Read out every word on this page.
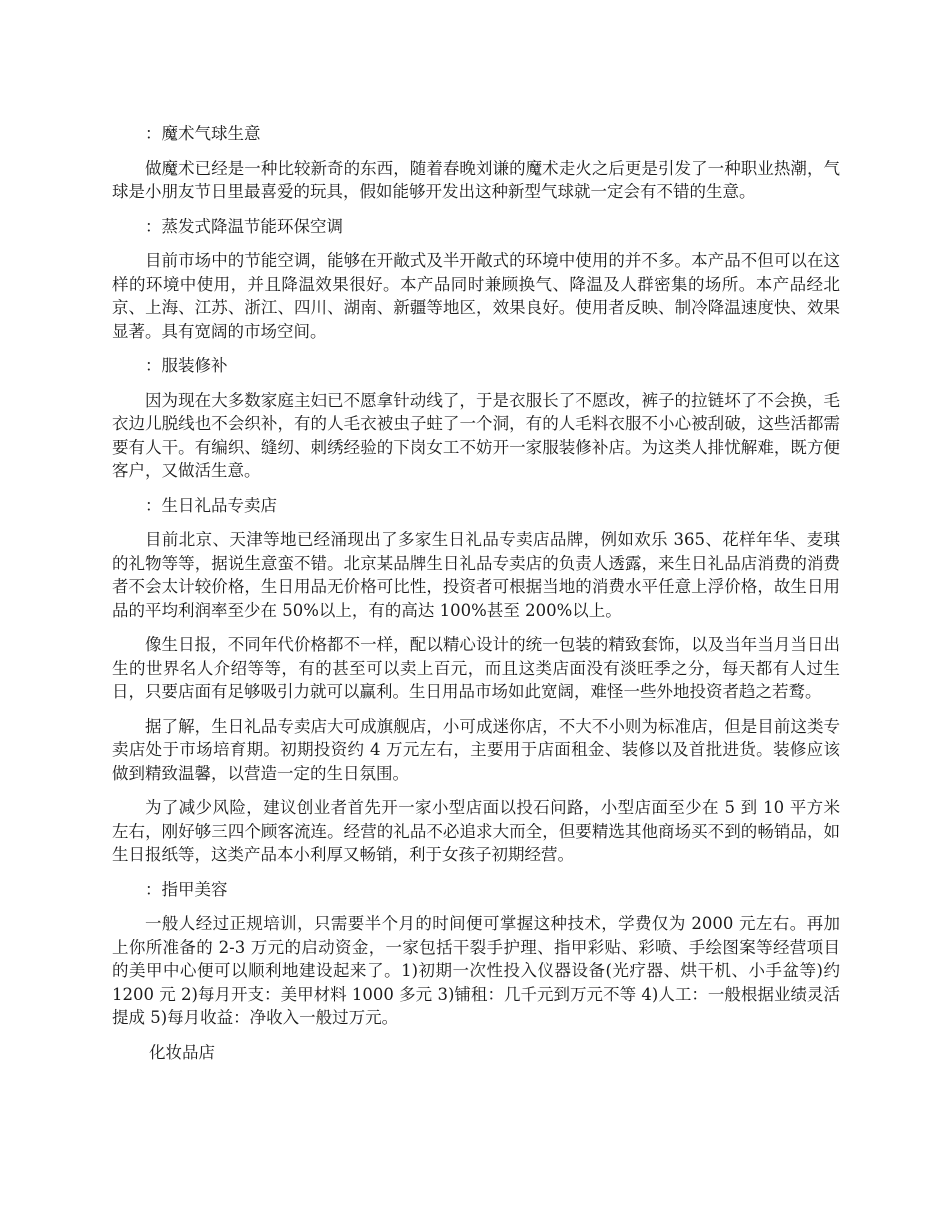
：魔术气球生意

做魔术已经是一种比较新奇的东西，随着春晚刘谦的魔术走火之后更是引发了一种职业热潮，气球是小朋友节日里最喜爱的玩具，假如能够开发出这种新型气球就一定会有不错的生意。

：蒸发式降温节能环保空调

目前市场中的节能空调，能够在开敞式及半开敞式的环境中使用的并不多。本产品不但可以在这样的环境中使用，并且降温效果很好。本产品同时兼顾换气、降温及人群密集的场所。本产品经北京、上海、江苏、浙江、四川、湖南、新疆等地区，效果良好。使用者反映、制冷降温速度快、效果显著。具有宽阔的市场空间。

：服装修补

因为现在大多数家庭主妇已不愿拿针动线了，于是衣服长了不愿改，裤子的拉链坏了不会换，毛衣边儿脱线也不会织补，有的人毛衣被虫子蛀了一个洞，有的人毛料衣服不小心被刮破，这些活都需要有人干。有编织、缝纫、刺绣经验的下岗女工不妨开一家服装修补店。为这类人排忧解难，既方便客户，又做活生意。

：生日礼品专卖店

目前北京、天津等地已经涌现出了多家生日礼品专卖店品牌，例如欢乐 365、花样年华、麦琪的礼物等等，据说生意蛮不错。北京某品牌生日礼品专卖店的负责人透露，来生日礼品店消费的消费者不会太计较价格，生日用品无价格可比性，投资者可根据当地的消费水平任意上浮价格，故生日用品的平均利润率至少在 50%以上，有的高达 100%甚至 200%以上。

像生日报，不同年代价格都不一样，配以精心设计的统一包装的精致套饰，以及当年当月当日出生的世界名人介绍等等，有的甚至可以卖上百元，而且这类店面没有淡旺季之分，每天都有人过生日，只要店面有足够吸引力就可以赢利。生日用品市场如此宽阔，难怪一些外地投资者趋之若鹜。

据了解，生日礼品专卖店大可成旗舰店，小可成迷你店，不大不小则为标准店，但是目前这类专卖店处于市场培育期。初期投资约 4 万元左右，主要用于店面租金、装修以及首批进货。装修应该做到精致温馨，以营造一定的生日氛围。

为了减少风险，建议创业者首先开一家小型店面以投石问路，小型店面至少在 5 到 10 平方米左右，刚好够三四个顾客流连。经营的礼品不必追求大而全，但要精选其他商场买不到的畅销品，如生日报纸等，这类产品本小利厚又畅销，利于女孩子初期经营。

：指甲美容

一般人经过正规培训，只需要半个月的时间便可掌握这种技术，学费仅为 2000 元左右。再加上你所准备的 2-3 万元的启动资金，一家包括干裂手护理、指甲彩贴、彩喷、手绘图案等经营项目的美甲中心便可以顺利地建设起来了。1)初期一次性投入仪器设备(光疗器、烘干机、小手盆等)约 1200 元 2)每月开支：美甲材料 1000 多元 3)铺租：几千元到万元不等 4)人工：一般根据业绩灵活提成 5)每月收益：净收入一般过万元。

化妆品店
